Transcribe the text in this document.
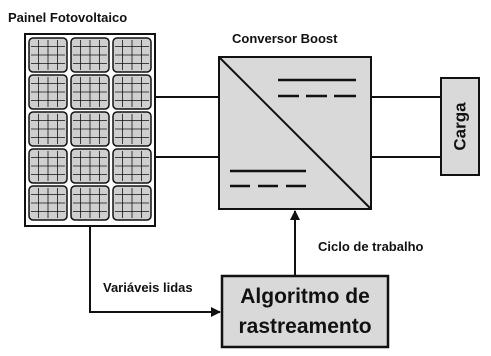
Painel Fotovoltaico
Conversor Boost
Carga
Algoritmo de
rastreamento
Ciclo de trabalho
Variáveis lidas
